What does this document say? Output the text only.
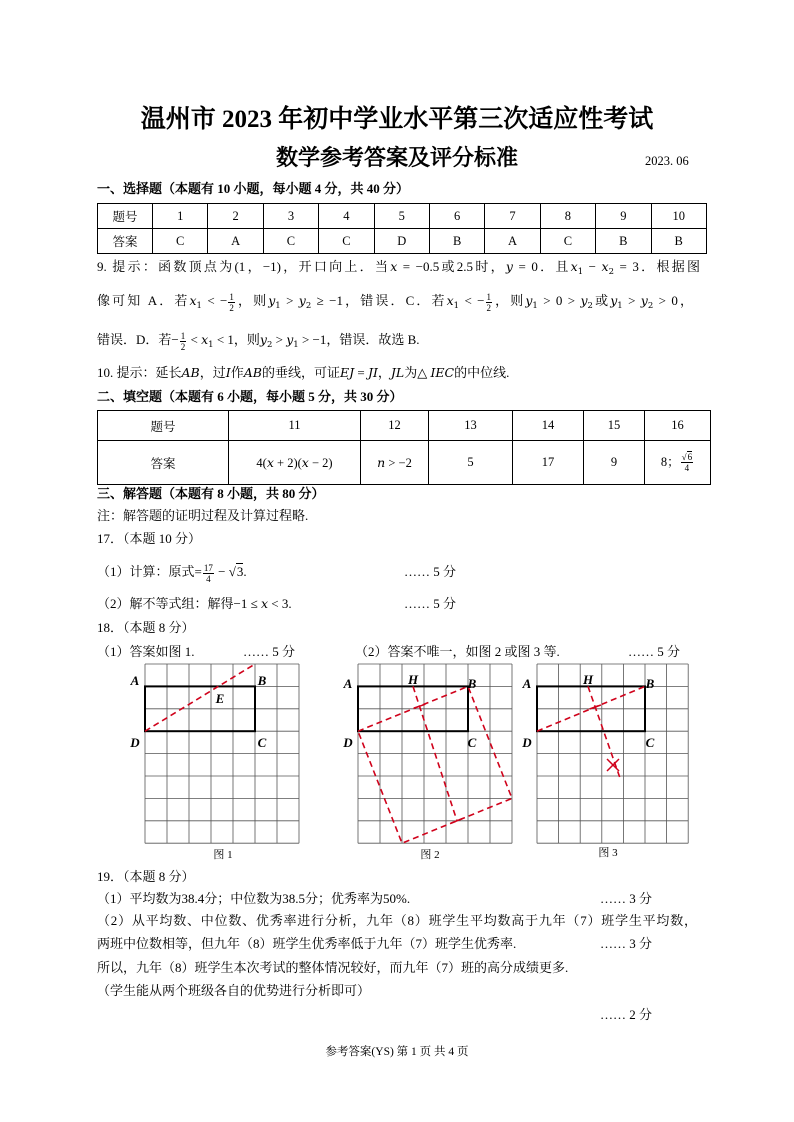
温州市 2023 年初中学业水平第三次适应性考试
数学参考答案及评分标准	2023. 06
一、选择题（本题有 10 小题，每小题 4 分，共 40 分）
题号	1	2	3	4	5	6	7	8	9	10
答案	C	A	C	C	D	B	A	C	B	B
9. 提示：函数顶点为(1，−1)，开口向上．当x = −0.5或2.5时，y = 0．且$x_1 - x_2 = 3$．根据图
像可知 A．若$x_1$ < − $\frac{1}{2}$ ，则$y_1 > y_2 \ge -1$，错误．C．若$x_1$ < − $\frac{1}{2}$ ，则$y_1 > 0 > y_2$或$y_1 > y_2 > 0$，
错误．D．若− $\frac{1}{2} < x_1 < 1$，则$y_2 > y_1 > -1$，错误．故选 B.
10. 提示：延长AB，过I作AB的垂线，可证EJ = JI，JL为△ IEC的中位线.
二、填空题（本题有 6 小题，每小题 5 分，共 30 分）
题号	11	12	13	14	15	16
答案	4(x + 2)(x − 2)	n > −2	5	17	9	8； $\frac{√6}{4}$
三、解答题（本题有 8 小题，共 80 分）
注：解答题的证明过程及计算过程略.
17．（本题 10 分）
（1）计算：原式= $\frac{17}{4} - √3$.	…… 5 分
（2）解不等式组：解得−1 ≤ x < 3.	…… 5 分
18．（本题 8 分）
（1）答案如图 1.	…… 5 分	（2）答案不唯一，如图 2 或图 3 等.	…… 5 分
A	B
D	C
E
图 1
A	H	B
D	C
图 2
A	H	B
D	C
图 3
19．（本题 8 分）
（1）平均数为38.4分；中位数为38.5分；优秀率为50%.	…… 3 分
（2）从平均数、中位数、优秀率进行分析，九年（8）班学生平均数高于九年（7）班学生平均数，
两班中位数相等，但九年（8）班学生优秀率低于九年（7）班学生优秀率.	…… 3 分
所以，九年（8）班学生本次考试的整体情况较好，而九年（7）班的高分成绩更多.
（学生能从两个班级各自的优势进行分析即可）
…… 2 分
参考答案(YS) 第 1 页 共 4 页
